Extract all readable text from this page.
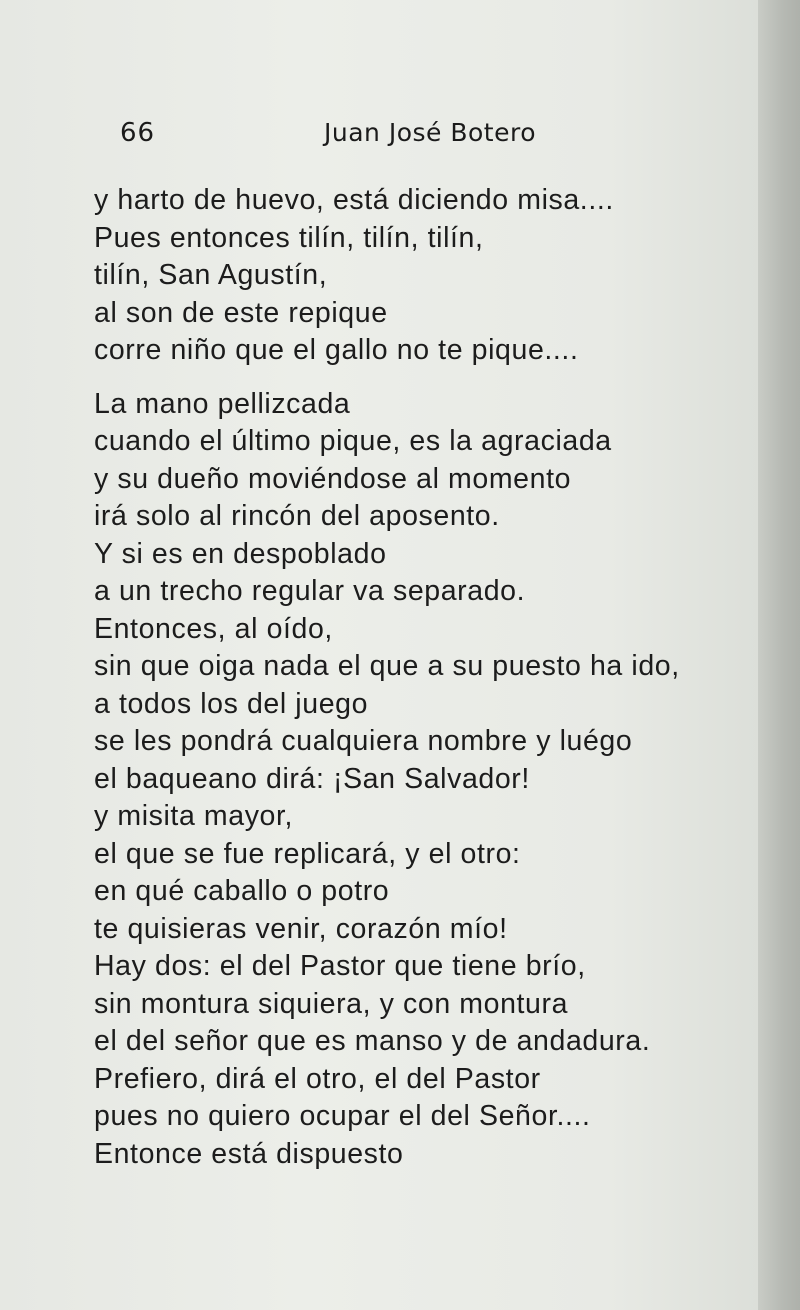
66	Juan José Botero
y harto de huevo, está diciendo misa....
Pues entonces tilín, tilín, tilín,
tilín, San Agustín,
al son de este repique
corre niño que el gallo no te pique....
La mano pellizcada
cuando el último pique, es la agraciada
y su dueño moviéndose al momento
irá solo al rincón del aposento.
Y si es en despoblado
a un trecho regular va separado.
Entonces, al oído,
sin que oiga nada el que a su puesto ha ido,
a todos los del juego
se les pondrá cualquiera nombre y luégo
el baqueano dirá: ¡San Salvador!
y misita mayor,
el que se fue replicará, y el otro:
en qué caballo o potro
te quisieras venir, corazón mío!
Hay dos: el del Pastor que tiene brío,
sin montura siquiera, y con montura
el del señor que es manso y de andadura.
Prefiero, dirá el otro, el del Pastor
pues no quiero ocupar el del Señor....
Entonce está dispuesto
